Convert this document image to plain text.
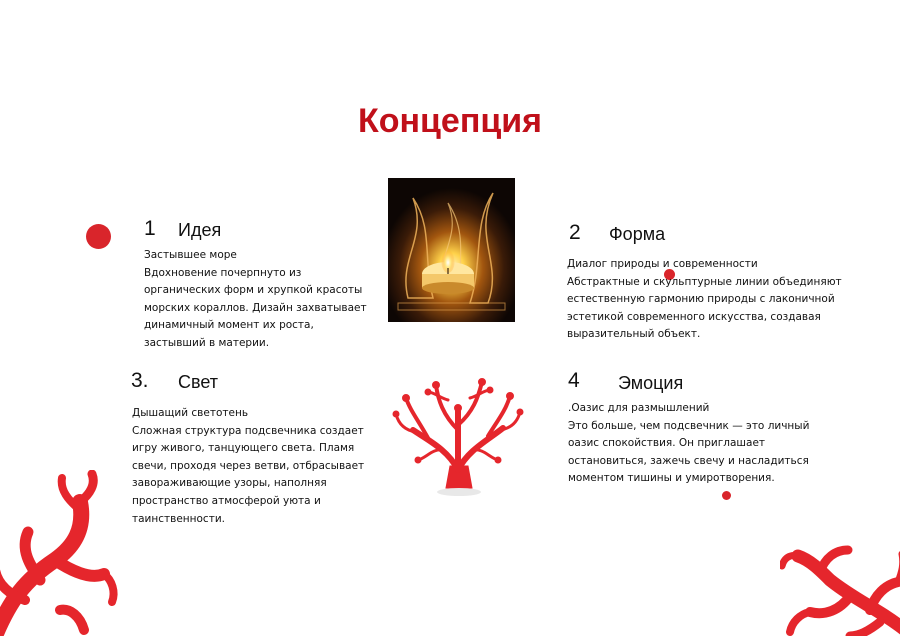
Концепция
1 Идея
Застывшее море
Вдохновение почерпнуто из
органических форм и хрупкой красоты
морских кораллов. Дизайн захватывает
динамичный момент их роста,
застывший в материи.
2 Форма
Диалог природы и современности
Абстрактные и скульптурные линии объединяют
естественную гармонию природы с лаконичной
эстетикой современного искусства, создавая
выразительный объект.
3. Свет
Дышащий светотень
Сложная структура подсвечника создает
игру живого, танцующего света. Пламя
свечи, проходя через ветви, отбрасывает
завораживающие узоры, наполняя
пространство атмосферой уюта и
таинственности.
4 Эмоция
.Оазис для размышлений
Это больше, чем подсвечник — это личный
оазис спокойствия. Он приглашает
остановиться, зажечь свечу и насладиться
моментом тишины и умиротворения.
